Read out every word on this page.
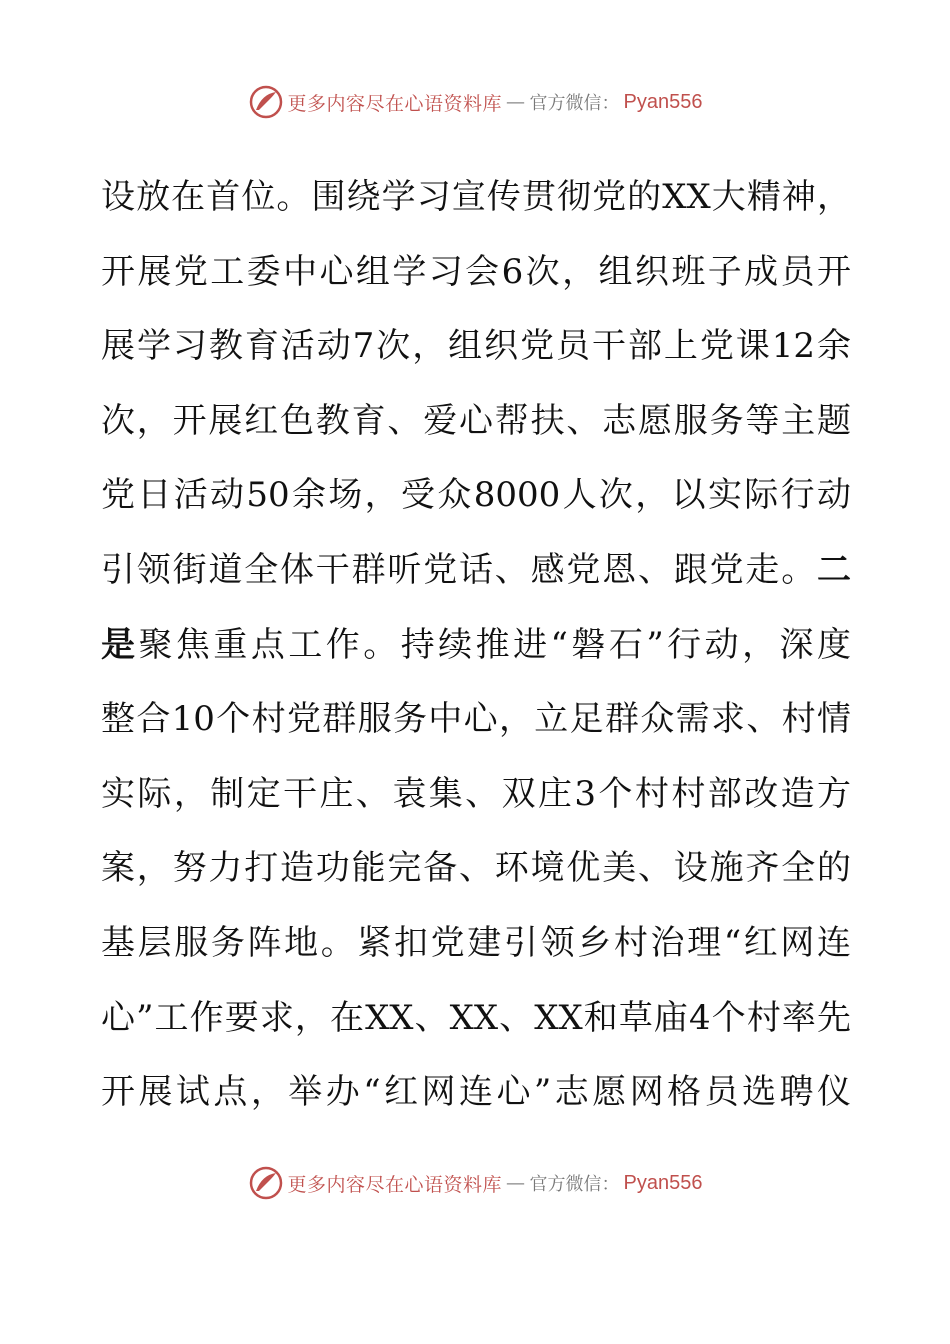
更多内容尽在心语资料库 — 官方微信： Pyan556
设放在首位。围绕学习宣传贯彻党的XX大精神，
开展党工委中心组学习会6次，组织班子成员开
展学习教育活动7次，组织党员干部上党课12余
次，开展红色教育、爱心帮扶、志愿服务等主题
党日活动50余场，受众8000人次，以实际行动
引领街道全体干群听党话、感党恩、跟党走。二
是聚焦重点工作。持续推进“磐石”行动，深度
整合10个村党群服务中心，立足群众需求、村情
实际，制定干庄、袁集、双庄3个村村部改造方
案，努力打造功能完备、环境优美、设施齐全的
基层服务阵地。紧扣党建引领乡村治理“红网连
心”工作要求，在XX、XX、XX和草庙4个村率先
开展试点，举办“红网连心”志愿网格员选聘仪
更多内容尽在心语资料库 — 官方微信： Pyan556
